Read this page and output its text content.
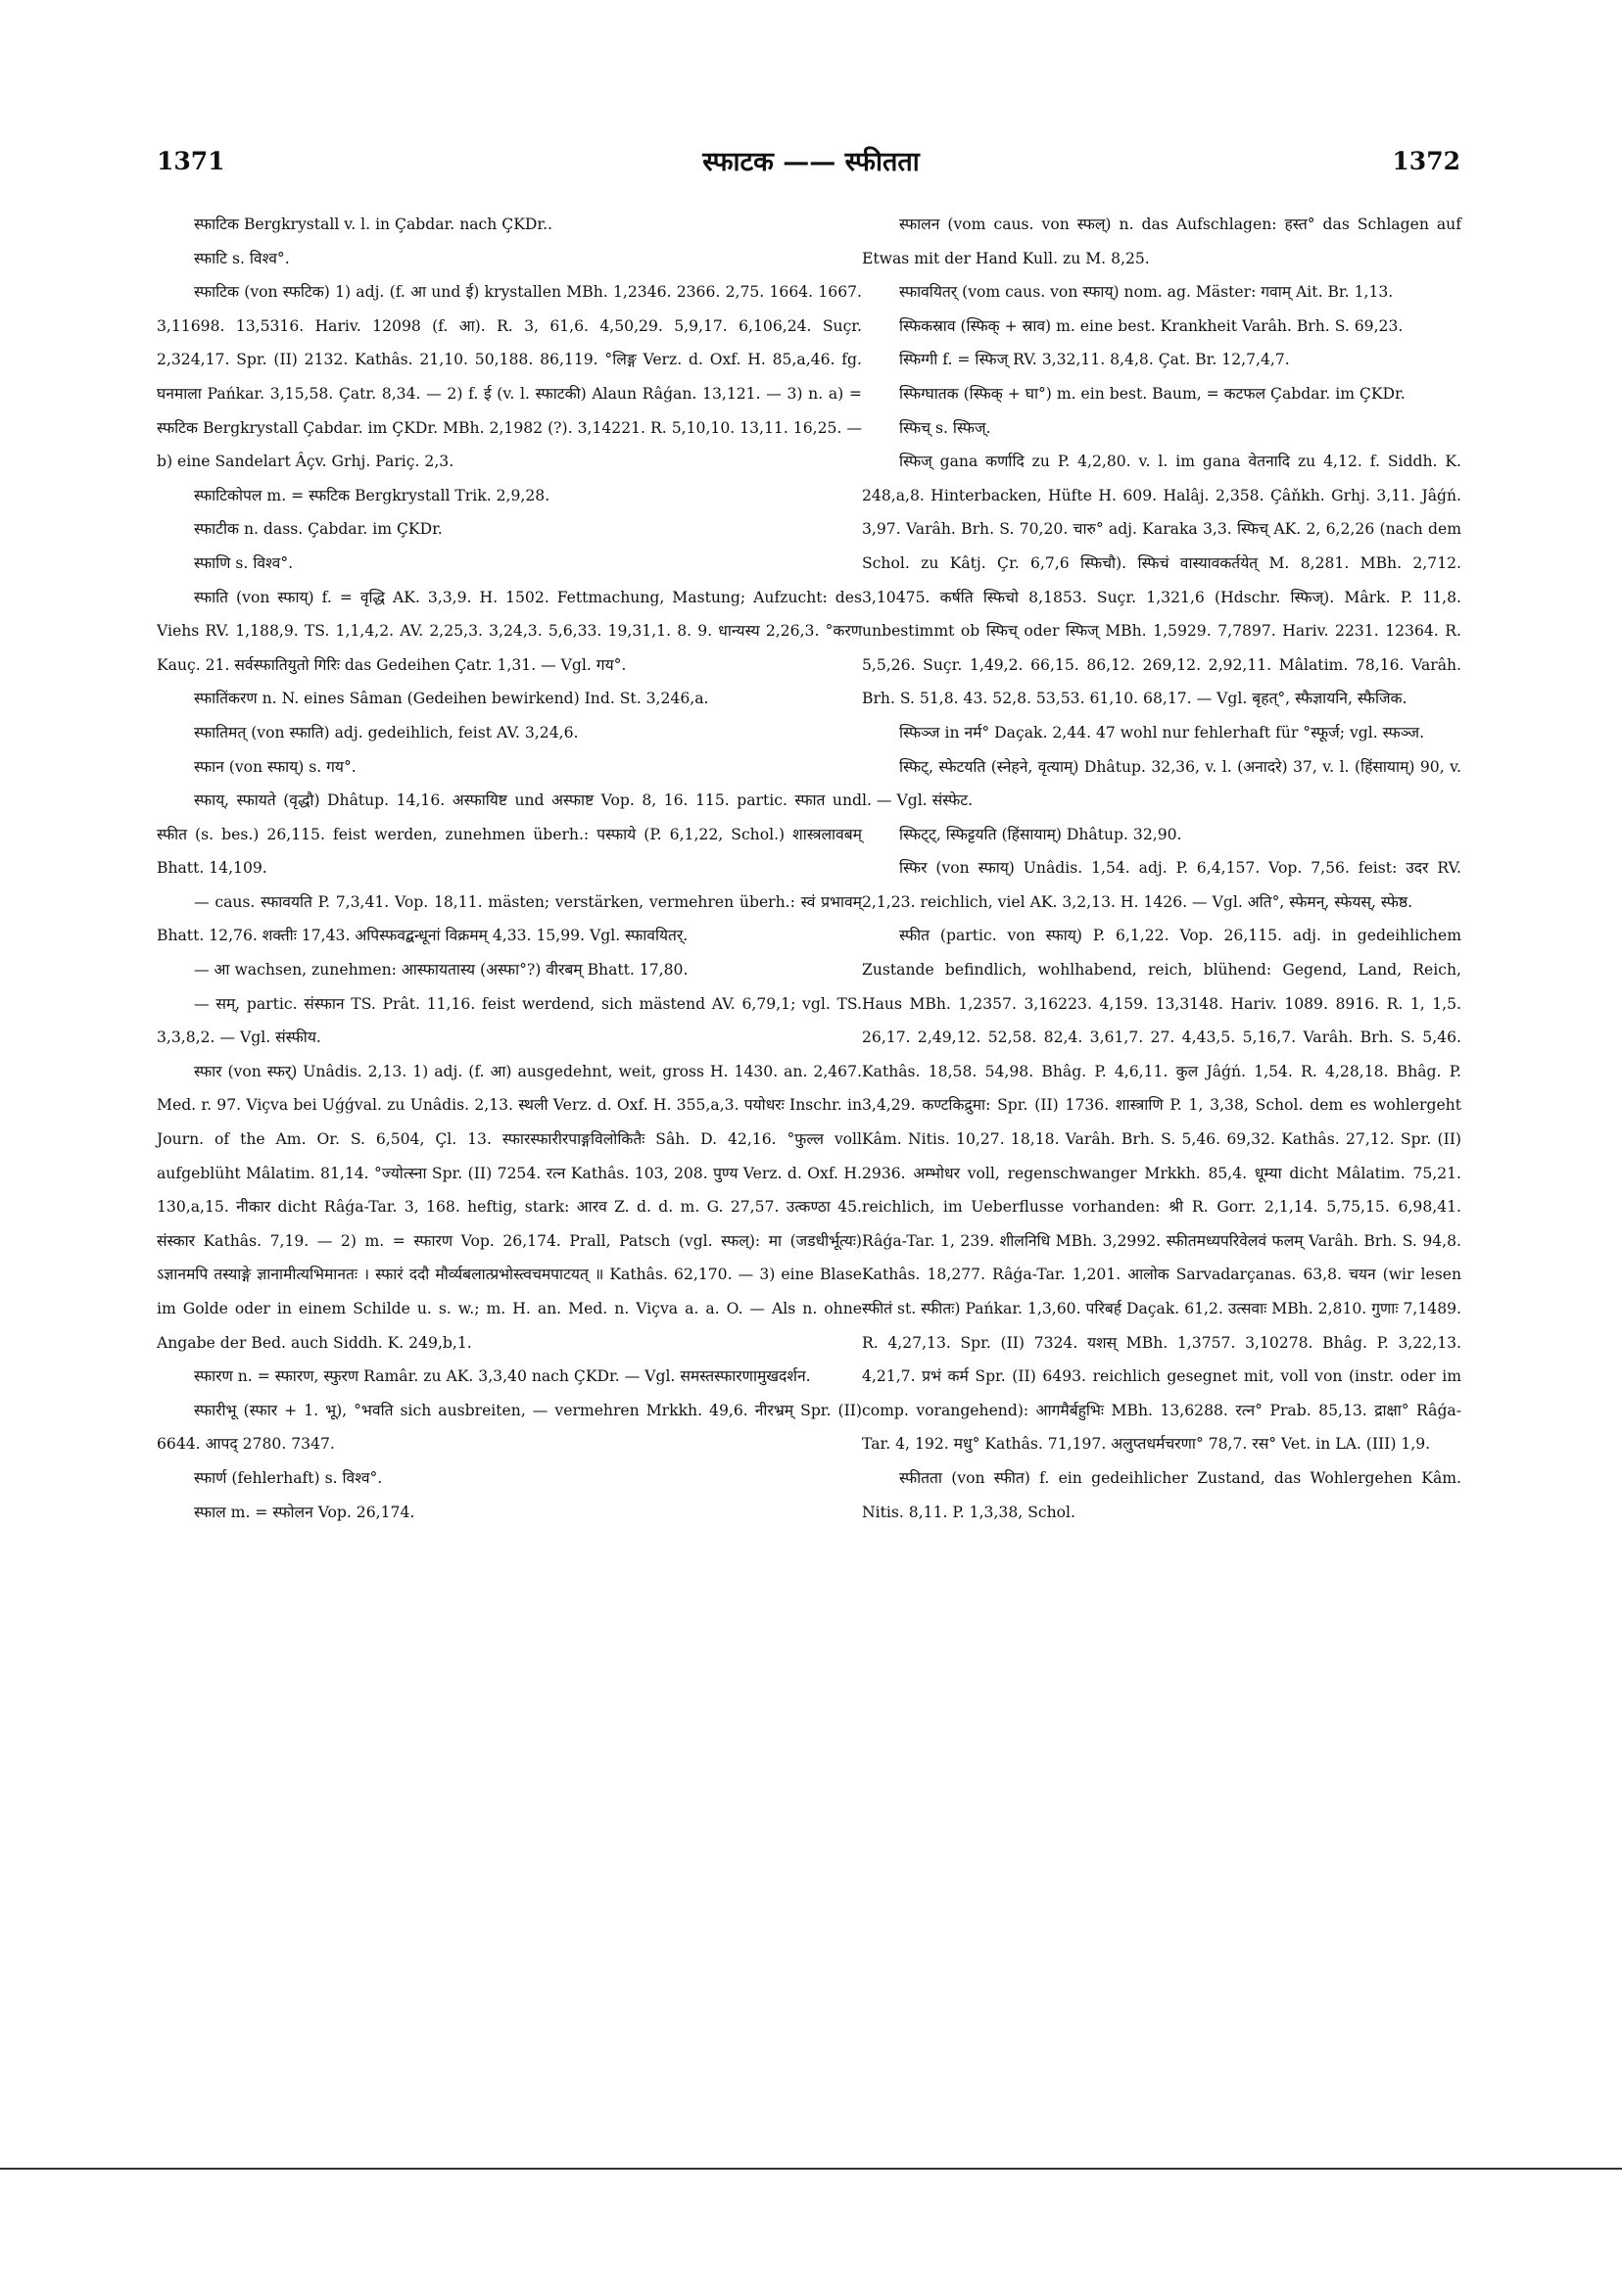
1371	स्फाटक —— स्फीतता	1372

स्फाटिक Bergkrystall v. l. in Çabdar. nach ÇKDr..

स्फाटि s. विश्व°.

स्फाटिक (von स्फटिक) 1) adj. (f. आ und ई) krystallen MBh. 1,2346. 2366. 2,75. 1664. 1667. 3,11698. 13,5316. Hariv. 12098 (f. आ). R. 3, 61,6. 4,50,29. 5,9,17. 6,106,24. Suçr. 2,324,17. Spr. (II) 2132. Kathâs. 21,10. 50,188. 86,119. °लिङ्ग Verz. d. Oxf. H. 85,a,46. fg. घनमाला Pańkar. 3,15,58. Çatr. 8,34. — 2) f. ई (v. l. स्फाटकी) Alaun Râǵan. 13,121. — 3) n. a) = स्फटिक Bergkrystall Çabdar. im ÇKDr. MBh. 2,1982 (?). 3,14221. R. 5,10,10. 13,11. 16,25. — b) eine Sandelart Âçv. Grhj. Pariç. 2,3.

स्फाटिकोपल m. = स्फटिक Bergkrystall Trik. 2,9,28.

स्फाटीक n. dass. Çabdar. im ÇKDr.

स्फाणि s. विश्व°.

स्फाति (von स्फाय्) f. = वृद्धि AK. 3,3,9. H. 1502. Fettmachung, Mastung; Aufzucht: des Viehs RV. 1,188,9. TS. 1,1,4,2. AV. 2,25,3. 3,24,3. 5,6,33. 19,31,1. 8. 9. धान्यस्य 2,26,3. °करण Kauç. 21. सर्वस्फातियुतो गिरिः das Gedeihen Çatr. 1,31. — Vgl. गय°.

स्फातिंकरण n. N. eines Sâman (Gedeihen bewirkend) Ind. St. 3,246,a.

स्फातिमत् (von स्फाति) adj. gedeihlich, feist AV. 3,24,6.

स्फान (von स्फाय्) s. गय°.

स्फाय्, स्फायते (वृद्धौ) Dhâtup. 14,16. अस्फायिष्ट und अस्फाष्ट Vop. 8, 16. 115. partic. स्फात und स्फीत (s. bes.) 26,115. feist werden, zunehmen überh.: पस्फाये (P. 6,1,22, Schol.) शास्त्रलावबम् Bhatt. 14,109.

— caus. स्फावयति P. 7,3,41. Vop. 18,11. mästen; verstärken, vermehren überh.: स्वं प्रभावम् Bhatt. 12,76. शक्तीः 17,43. अपिस्फवद्बन्धूनां विक्रमम् 4,33. 15,99. Vgl. स्फावयितर्.

— आ wachsen, zunehmen: आस्फायतास्य (अस्फा°?) वीरबम् Bhatt. 17,80.

— सम्, partic. संस्फान TS. Prât. 11,16. feist werdend, sich mästend AV. 6,79,1; vgl. TS. 3,3,8,2. — Vgl. संस्फीय.

स्फार (von स्फर्) Unâdis. 2,13. 1) adj. (f. आ) ausgedehnt, weit, gross H. 1430. an. 2,467. Med. r. 97. Viçva bei Uǵǵval. zu Unâdis. 2,13. स्थली Verz. d. Oxf. H. 355,a,3. पयोधरः Inschr. in Journ. of the Am. Or. S. 6,504, Çl. 13. स्फारस्फारीरपाङ्गविलोकितैः Sâh. D. 42,16. °फुल्ल voll aufgeblüht Mâlatim. 81,14. °ज्योत्स्ना Spr. (II) 7254. रत्न Kathâs. 103, 208. पुण्य Verz. d. Oxf. H. 130,a,15. नीकार dicht Râǵa-Tar. 3, 168. heftig, stark: आरव Z. d. d. m. G. 27,57. उत्कण्ठा 45. संस्कार Kathâs. 7,19. — 2) m. = स्फारण Vop. 26,174. Prall, Patsch (vgl. स्फल्): मा (जडधीर्भूत्यः) ऽज्ञानमपि तस्याङ्गे ज्ञानामीत्यभिमानतः । स्फारं ददौ मौर्व्यबलात्प्रभोस्त्वचमपाटयत् ॥ Kathâs. 62,170. — 3) eine Blase im Golde oder in einem Schilde u. s. w.; m. H. an. Med. n. Viçva a. a. O. — Als n. ohne Angabe der Bed. auch Siddh. K. 249,b,1.

स्फारण n. = स्फारण, स्फुरण Ramâr. zu AK. 3,3,40 nach ÇKDr. — Vgl. समस्तस्फारणामुखदर्शन.

स्फारीभू (स्फार + 1. भू), °भवति sich ausbreiten, — vermehren Mrkkh. 49,6. नीरभ्रम् Spr. (II) 6644. आपद् 2780. 7347.

स्फार्ण (fehlerhaft) s. विश्व°.

स्फाल m. = स्फोलन Vop. 26,174.

स्फालन (vom caus. von स्फल्) n. das Aufschlagen: हस्त° das Schlagen auf Etwas mit der Hand Kull. zu M. 8,25.

स्फावयितर् (vom caus. von स्फाय्) nom. ag. Mäster: गवाम् Ait. Br. 1,13.

स्फिकस्राव (स्फिक् + स्राव) m. eine best. Krankheit Varâh. Brh. S. 69,23.

स्फिग्गी f. = स्फिज् RV. 3,32,11. 8,4,8. Çat. Br. 12,7,4,7.

स्फिग्घातक (स्फिक् + घा°) m. ein best. Baum, = कटफल Çabdar. im ÇKDr.

स्फिच् s. स्फिज्.

स्फिज् gana कर्णादि zu P. 4,2,80. v. l. im gana वेतनादि zu 4,12. f. Siddh. K. 248,a,8. Hinterbacken, Hüfte H. 609. Halâj. 2,358. Çâňkh. Grhj. 3,11. Jâǵń. 3,97. Varâh. Brh. S. 70,20. चारु° adj. Karaka 3,3. स्फिच् AK. 2, 6,2,26 (nach dem Schol. zu Kâtj. Çr. 6,7,6 स्फिचौ). स्फिचं वास्यावकर्तयेत् M. 8,281. MBh. 2,712. 3,10475. कर्षति स्फिचो 8,1853. Suçr. 1,321,6 (Hdschr. स्फिज्). Mârk. P. 11,8. unbestimmt ob स्फिच् oder स्फिज् MBh. 1,5929. 7,7897. Hariv. 2231. 12364. R. 5,5,26. Suçr. 1,49,2. 66,15. 86,12. 269,12. 2,92,11. Mâlatim. 78,16. Varâh. Brh. S. 51,8. 43. 52,8. 53,53. 61,10. 68,17. — Vgl. बृहत्°, स्फैज्ञायनि, स्फैजिक.

स्फिञ्ज in नर्म° Daçak. 2,44. 47 wohl nur fehlerhaft für °स्फूर्ज; vgl. स्फञ्ज.

स्फिट्, स्फेटयति (स्नेहने, वृत्याम्) Dhâtup. 32,36, v. l. (अनादरे) 37, v. l. (हिंसायाम्) 90, v. l. — Vgl. संस्फेट.

स्फिट्ट्, स्फिट्टयति (हिंसायाम्) Dhâtup. 32,90.

स्फिर (von स्फाय्) Unâdis. 1,54. adj. P. 6,4,157. Vop. 7,56. feist: उदर RV. 2,1,23. reichlich, viel AK. 3,2,13. H. 1426. — Vgl. अति°, स्फेमन्, स्फेयस्, स्फेष्ठ.

स्फीत (partic. von स्फाय्) P. 6,1,22. Vop. 26,115. adj. in gedeihlichem Zustande befindlich, wohlhabend, reich, blühend: Gegend, Land, Reich, Haus MBh. 1,2357. 3,16223. 4,159. 13,3148. Hariv. 1089. 8916. R. 1, 1,5. 26,17. 2,49,12. 52,58. 82,4. 3,61,7. 27. 4,43,5. 5,16,7. Varâh. Brh. S. 5,46. Kathâs. 18,58. 54,98. Bhâg. P. 4,6,11. कुल Jâǵń. 1,54. R. 4,28,18. Bhâg. P. 3,4,29. कण्टकिद्रुमा: Spr. (II) 1736. शास्त्राणि P. 1, 3,38, Schol. dem es wohlergeht Kâm. Nitis. 10,27. 18,18. Varâh. Brh. S. 5,46. 69,32. Kathâs. 27,12. Spr. (II) 2936. अम्भोधर voll, regenschwanger Mrkkh. 85,4. धूम्या dicht Mâlatim. 75,21. reichlich, im Ueberflusse vorhanden: श्री R. Gorr. 2,1,14. 5,75,15. 6,98,41. Râǵa-Tar. 1, 239. शीलनिधि MBh. 3,2992. स्फीतमध्यपरिवेलवं फलम् Varâh. Brh. S. 94,8. Kathâs. 18,277. Râǵa-Tar. 1,201. आलोक Sarvadarçanas. 63,8. चयन (wir lesen स्फीतं st. स्फीतः) Pańkar. 1,3,60. परिबर्ह Daçak. 61,2. उत्सवाः MBh. 2,810. गुणाः 7,1489. R. 4,27,13. Spr. (II) 7324. यशस् MBh. 1,3757. 3,10278. Bhâg. P. 3,22,13. 4,21,7. प्रभं कर्म Spr. (II) 6493. reichlich gesegnet mit, voll von (instr. oder im comp. vorangehend): आगमैर्बहुभिः MBh. 13,6288. रत्न° Prab. 85,13. द्राक्षा° Râǵa-Tar. 4, 192. मधु° Kathâs. 71,197. अलुप्तधर्मचरणा° 78,7. रस° Vet. in LA. (III) 1,9.

स्फीतता (von स्फीत) f. ein gedeihlicher Zustand, das Wohlergehen Kâm. Nitis. 8,11. P. 1,3,38, Schol.
